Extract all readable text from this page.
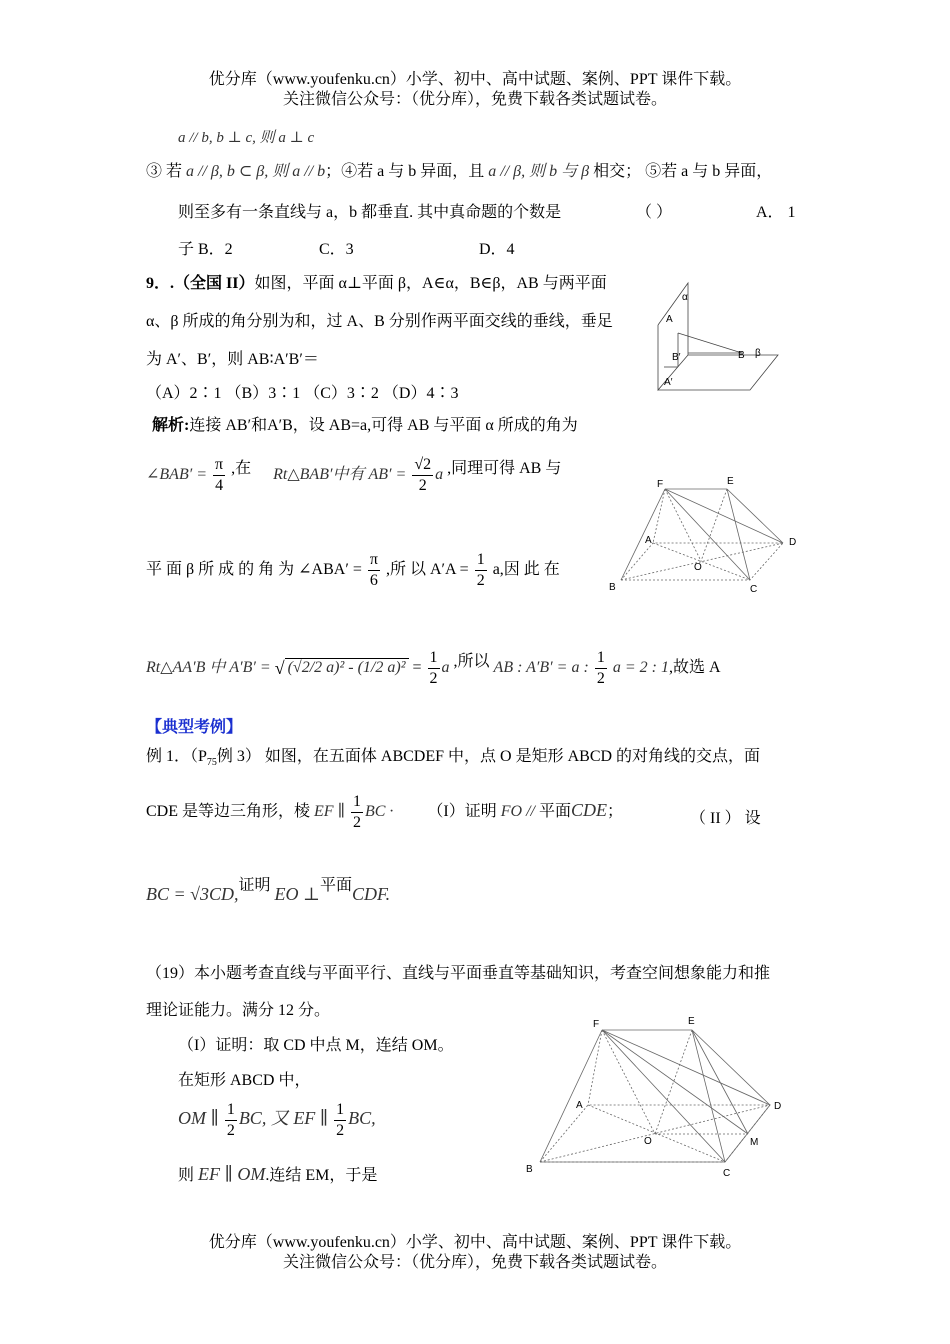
优分库（www.youfenku.cn）小学、初中、高中试题、案例、PPT 课件下载。
关注微信公众号：（优分库），免费下载各类试题试卷。
a // b, b ⊥ c, 则 a ⊥ c
③ 若 a // β, b ⊂ β, 则 a // b；④若 a 与 b 异面，且 a // β, 则 b 与 β 相交； ⑤若 a 与 b 异面，
则至多有一条直线与 a，b 都垂直. 其中真命题的个数是	（ ）	A． 1
子 B．2	C．3	D．4
9．.（全国 II）如图，平面 α⊥平面 β，A∈α，B∈β，AB 与两平面
α、β 所成的角分别为和，过 A、B 分别作两平面交线的垂线，垂足
为 A′、B′，则 AB∶A′B′＝
（A）2∶1 （B）3∶1 （C）3∶2 （D）4∶3
α
A
B′	B β
A′
解析:连接 AB′和A′B，设 AB=a,可得 AB 与平面 α 所成的角为
∠BAB′ = $\frac{\pi}{4}$ ,在 Rt△BAB′中有 $AB' = \frac{√2}{2}$ a ,同理可得 AB 与
平 面 β 所 成 的 角 为 ∠ABA′ = $\frac{\pi}{6}$ ,所 以 $A'A = \frac{1}{2} a$,因 此 在
F	E
A	D
O
B	C
Rt△AA′B 中 A′B′ = √ (√2/2 a)² - (1/2 $a)^2 = \frac{1}{2}$ a ,所以 AB : A′B′ = a : $\frac{1}{2}$ a = 2 : 1,故选 A
【典型考例】
例 1．（$P_{75}$例 3） 如图，在五面体 ABCDEF 中，点 O 是矩形 ABCD 的对角线的交点，面
CDE 是等边三角形，棱 EF ∥ $\frac{1}{2}$ BC · （I）证明 FO // 平面CDE；	（ II ） 设
BC = √3CD,证明 EO ⊥平面CDF.
（19）本小题考查直线与平面平行、直线与平面垂直等基础知识，考查空间想象能力和推
理论证能力。满分 12 分。
（I）证明：取 CD 中点 M，连结 OM。
在矩形 ABCD 中，
OM ∥ $\frac{1}{2}$ BC, 又 EF ∥ $\frac{1}{2}$ BC,
则 EF ∥ OM.连结 EM，于是
F	E
A	D
O	M
B	C
优分库（www.youfenku.cn）小学、初中、高中试题、案例、PPT 课件下载。
关注微信公众号：（优分库），免费下载各类试题试卷。
